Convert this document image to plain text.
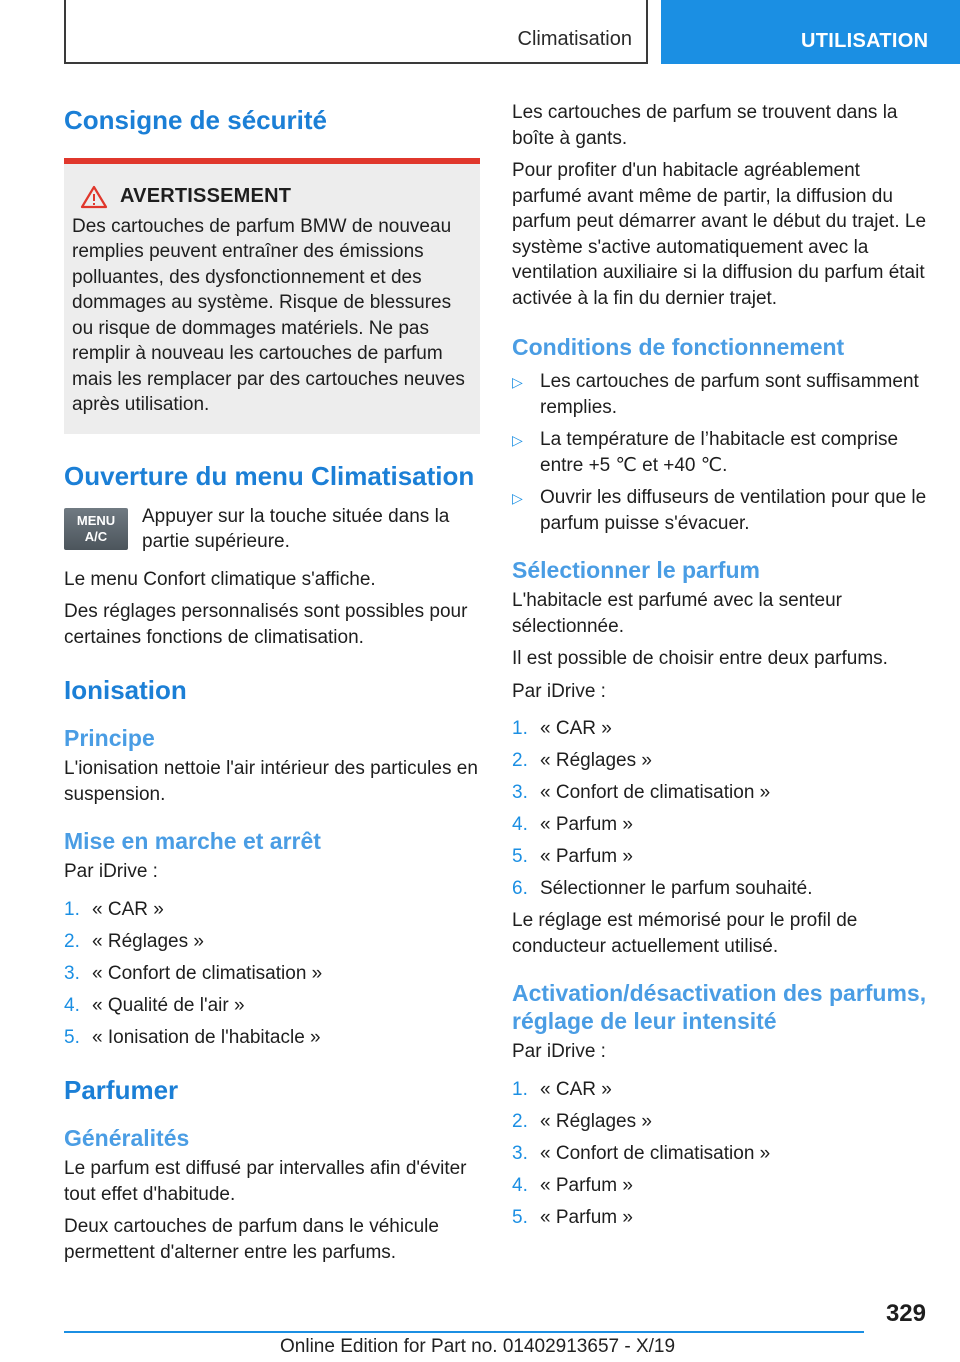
Climatisation	UTILISATION
Consigne de sécurité
AVERTISSEMENT
Des cartouches de parfum BMW de nouveau remplies peuvent entraîner des émissions polluantes, des dysfonctionnement et des dommages au système. Risque de blessures ou risque de dommages matériels. Ne pas remplir à nouveau les cartouches de parfum mais les remplacer par des cartouches neuves après utilisation.
Ouverture du menu Climatisation
MENU
A/C
Appuyer sur la touche située dans la partie supérieure.

Le menu Confort climatique s'affiche.

Des réglages personnalisés sont possibles pour certaines fonctions de climatisation.

Ionisation
Principe

L'ionisation nettoie l'air intérieur des particules en suspension.

Mise en marche et arrêt

Par iDrive :

1. « CAR »
2. « Réglages »
3. « Confort de climatisation »
4. « Qualité de l'air »
5. « Ionisation de l'habitacle »
Parfumer
Généralités

Le parfum est diffusé par intervalles afin d'éviter tout effet d'habitude.

Deux cartouches de parfum dans le véhicule permettent d'alterner entre les parfums.

Les cartouches de parfum se trouvent dans la boîte à gants.

Pour profiter d'un habitacle agréablement parfumé avant même de partir, la diffusion du parfum peut démarrer avant le début du trajet. Le système s'active automatiquement avec la ventilation auxiliaire si la diffusion du parfum était activée à la fin du dernier trajet.

Conditions de fonctionnement
▷ Les cartouches de parfum sont suffisamment remplies.
▷ La température de l’habitacle est comprise entre +5 ℃ et +40 ℃.
▷ Ouvrir les diffuseurs de ventilation pour que le parfum puisse s'évacuer.
Sélectionner le parfum

L'habitacle est parfumé avec la senteur sélectionnée.

Il est possible de choisir entre deux parfums.

Par iDrive :

1. « CAR »
2. « Réglages »
3. « Confort de climatisation »
4. « Parfum »
5. « Parfum »
6. Sélectionner le parfum souhaité.

Le réglage est mémorisé pour le profil de conducteur actuellement utilisé.

Activation/désactivation des parfums, réglage de leur intensité

Par iDrive :

1. « CAR »
2. « Réglages »
3. « Confort de climatisation »
4. « Parfum »
5. « Parfum »
329
Online Edition for Part no. 01402913657 - X/19
